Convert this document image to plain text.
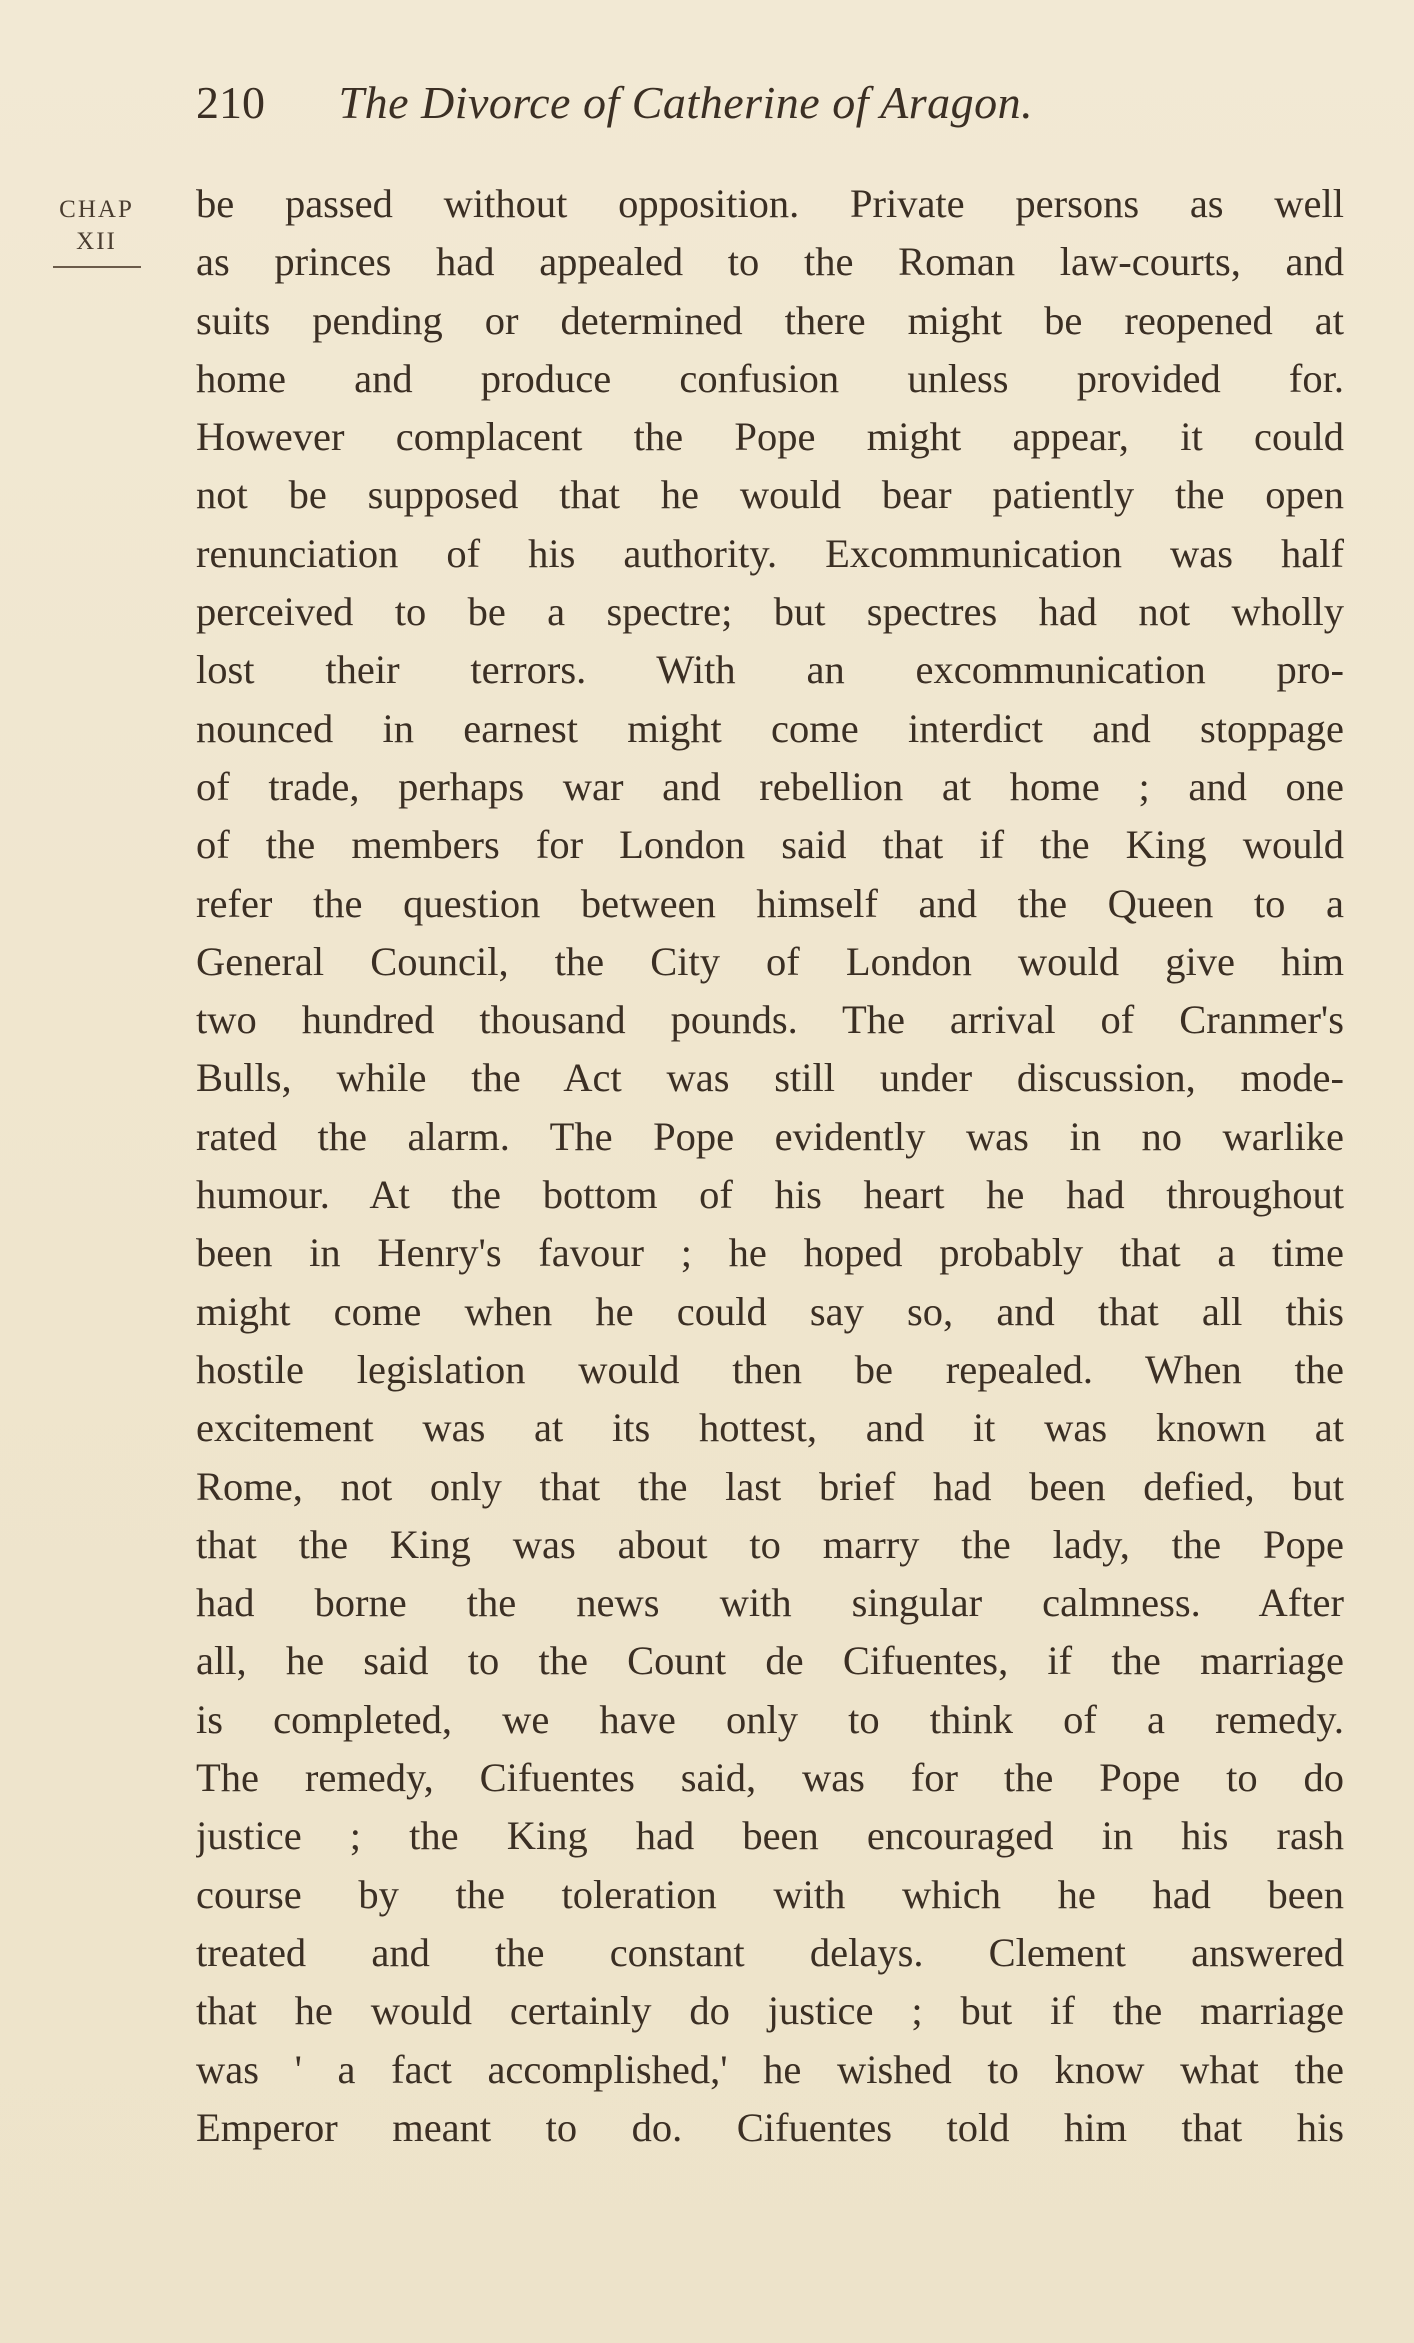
210 The Divorce of Catherine of Aragon.
CHAP
XII
be passed without opposition. Private persons as well
as princes had appealed to the Roman law-courts, and
suits pending or determined there might be reopened at
home and produce confusion unless provided for.
However complacent the Pope might appear, it could
not be supposed that he would bear patiently the open
renunciation of his authority. Excommunication was half
perceived to be a spectre; but spectres had not wholly
lost their terrors. With an excommunication pro-
nounced in earnest might come interdict and stoppage
of trade, perhaps war and rebellion at home ; and one
of the members for London said that if the King would
refer the question between himself and the Queen to a
General Council, the City of London would give him
two hundred thousand pounds. The arrival of Cranmer's
Bulls, while the Act was still under discussion, mode-
rated the alarm. The Pope evidently was in no warlike
humour. At the bottom of his heart he had throughout
been in Henry's favour ; he hoped probably that a time
might come when he could say so, and that all this
hostile legislation would then be repealed. When the
excitement was at its hottest, and it was known at
Rome, not only that the last brief had been defied, but
that the King was about to marry the lady, the Pope
had borne the news with singular calmness. After
all, he said to the Count de Cifuentes, if the marriage
is completed, we have only to think of a remedy.
The remedy, Cifuentes said, was for the Pope to do
justice ; the King had been encouraged in his rash
course by the toleration with which he had been
treated and the constant delays. Clement answered
that he would certainly do justice ; but if the marriage
was ' a fact accomplished,' he wished to know what the
Emperor meant to do. Cifuentes told him that his
